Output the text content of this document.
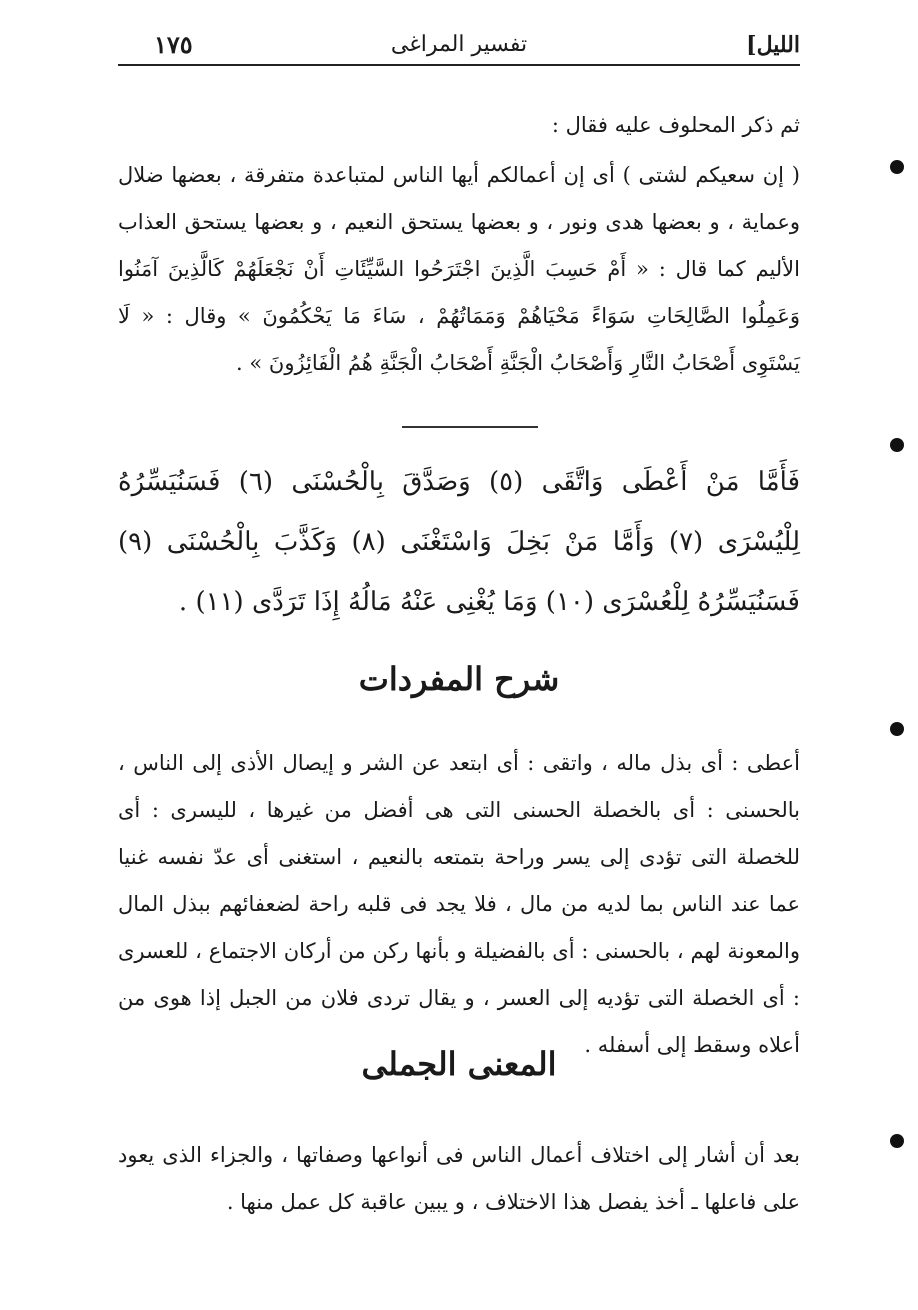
الليل]
تفسير المراغى
١٧٥
ثم ذكر المحلوف عليه فقال :
( إن سعيكم لشتى ) أى إن أعمالكم أيها الناس لمتباعدة متفرقة ، بعضها ضلال وعماية ، و بعضها هدى ونور ، و بعضها يستحق النعيم ، و بعضها يستحق العذاب الأليم كما قال : « أَمْ حَسِبَ الَّذِينَ اجْتَرَحُوا السَّيِّئَاتِ أَنْ نَجْعَلَهُمْ كَالَّذِينَ آمَنُوا وَعَمِلُوا الصَّالِحَاتِ سَوَاءً مَحْيَاهُمْ وَمَمَاتُهُمْ ، سَاءَ مَا يَحْكُمُونَ » وقال : « لَا يَسْتَوِى أَصْحَابُ النَّارِ وَأَصْحَابُ الْجَنَّةِ أَصْحَابُ الْجَنَّةِ هُمُ الْفَائِزُونَ » .
فَأَمَّا مَنْ أَعْطَى وَاتَّقَى (٥) وَصَدَّقَ بِالْحُسْنَى (٦) فَسَنُيَسِّرُهُ لِلْيُسْرَى (٧) وَأَمَّا مَنْ بَخِلَ وَاسْتَغْنَى (٨) وَكَذَّبَ بِالْحُسْنَى (٩) فَسَنُيَسِّرُهُ لِلْعُسْرَى (١٠) وَمَا يُغْنِى عَنْهُ مَالُهُ إِذَا تَرَدَّى (١١) .
شرح المفردات
أعطى : أى بذل ماله ، واتقى : أى ابتعد عن الشر و إيصال الأذى إلى الناس ، بالحسنى : أى بالخصلة الحسنى التى هى أفضل من غيرها ، لليسرى : أى للخصلة التى تؤدى إلى يسر وراحة بتمتعه بالنعيم ، استغنى أى عدّ نفسه غنيا عما عند الناس بما لديه من مال ، فلا يجد فى قلبه راحة لضعفائهم ببذل المال والمعونة لهم ، بالحسنى : أى بالفضيلة و بأنها ركن من أركان الاجتماع ، للعسرى : أى الخصلة التى تؤديه إلى العسر ، و يقال تردى فلان من الجبل إذا هوى من أعلاه وسقط إلى أسفله .
المعنى الجملى
بعد أن أشار إلى اختلاف أعمال الناس فى أنواعها وصفاتها ، والجزاء الذى يعود على فاعلها ـ أخذ يفصل هذا الاختلاف ، و يبين عاقبة كل عمل منها .
